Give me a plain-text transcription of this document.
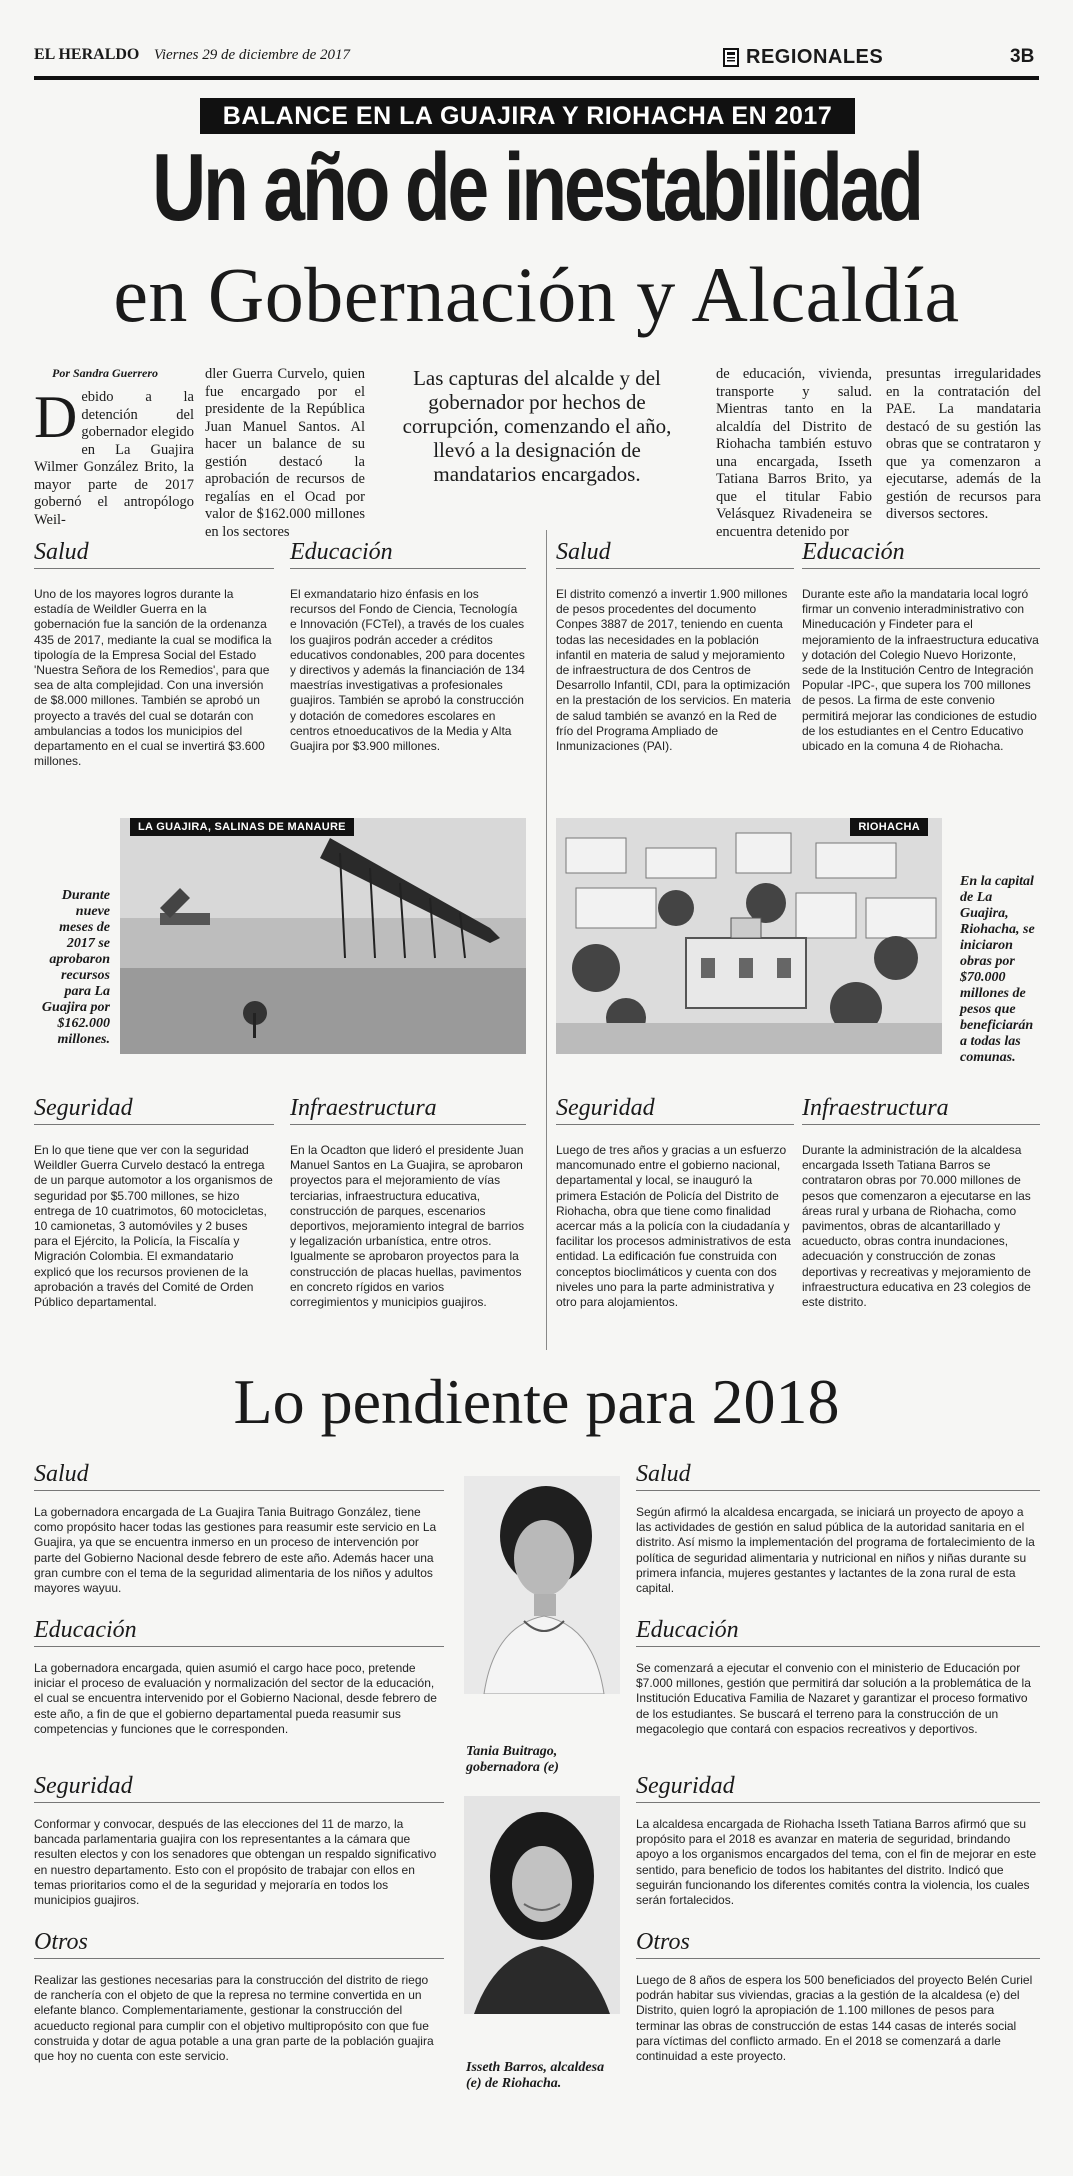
EL HERALDO Viernes 29 de diciembre de 2017	REGIONALES	3B
BALANCE EN LA GUAJIRA Y RIOHACHA EN 2017
Un año de inestabilidad
en Gobernación y Alcaldía
Por Sandra Guerrero
Debido a la detención del gobernador elegido en La Guajira Wilmer González Brito, la mayor parte de 2017 gobernó el antropólogo Weil-
dler Guerra Curvelo, quien fue encargado por el presidente de la República Juan Manuel Santos. Al hacer un balance de su gestión destacó la aprobación de recursos de regalías en el Ocad por valor de $162.000 millones en los sectores
Las capturas del alcalde y del gobernador por hechos de corrupción, comenzando el año, llevó a la designación de mandatarios encargados.
de educación, vivienda, transporte y salud. Mientras tanto en la alcaldía del Distrito de Riohacha también estuvo una encargada, Isseth Tatiana Barros Brito, ya que el titular Fabio Velásquez Rivadeneira se encuentra detenido por
presuntas irregularidades en la contratación del PAE. La mandataria destacó de su gestión las obras que se contrataron y que ya comenzaron a ejecutarse, además de la gestión de recursos para diversos sectores.
Salud
Uno de los mayores logros durante la estadía de Weildler Guerra en la gobernación fue la sanción de la ordenanza 435 de 2017, mediante la cual se modifica la tipología de la Empresa Social del Estado 'Nuestra Señora de los Remedios', para que sea de alta complejidad. Con una inversión de $8.000 millones. También se aprobó un proyecto a través del cual se dotarán con ambulancias a todos los municipios del departamento en el cual se invertirá $3.600 millones.
Educación
El exmandatario hizo énfasis en los recursos del Fondo de Ciencia, Tecnología e Innovación (FCTeI), a través de los cuales los guajiros podrán acceder a créditos educativos condonables, 200 para docentes y directivos y además la financiación de 134 maestrías investigativas a profesionales guajiros. También se aprobó la construcción y dotación de comedores escolares en centros etnoeducativos de la Media y Alta Guajira por $3.900 millones.
Salud
El distrito comenzó a invertir 1.900 millones de pesos procedentes del documento Conpes 3887 de 2017, teniendo en cuenta todas las necesidades en la población infantil en materia de salud y mejoramiento de infraestructura de dos Centros de Desarrollo Infantil, CDI, para la optimización en la prestación de los servicios. En materia de salud también se avanzó en la Red de frío del Programa Ampliado de Inmunizaciones (PAI).
Educación
Durante este año la mandataria local logró firmar un convenio interadministrativo con Mineducación y Findeter para el mejoramiento de la infraestructura educativa y dotación del Colegio Nuevo Horizonte, sede de la Institución Centro de Integración Popular -IPC-, que supera los 700 millones de pesos. La firma de este convenio permitirá mejorar las condiciones de estudio de los estudiantes en el Centro Educativo ubicado en la comuna 4 de Riohacha.
Durante nueve meses de 2017 se aprobaron recursos para La Guajira por $162.000 millones.
LA GUAJIRA, SALINAS DE MANAURE	RIOHACHA
En la capital de La Guajira, Riohacha, se iniciaron obras por $70.000 millones de pesos que beneficiarán a todas las comunas.
Seguridad
En lo que tiene que ver con la seguridad Weildler Guerra Curvelo destacó la entrega de un parque automotor a los organismos de seguridad por $5.700 millones, se hizo entrega de 10 cuatrimotos, 60 motocicletas, 10 camionetas, 3 automóviles y 2 buses para el Ejército, la Policía, la Fiscalía y Migración Colombia. El exmandatario explicó que los recursos provienen de la aprobación a través del Comité de Orden Público departamental.
Infraestructura
En la Ocadton que lideró el presidente Juan Manuel Santos en La Guajira, se aprobaron proyectos para el mejoramiento de vías terciarias, infraestructura educativa, construcción de parques, escenarios deportivos, mejoramiento integral de barrios y legalización urbanística, entre otros. Igualmente se aprobaron proyectos para la construcción de placas huellas, pavimentos en concreto rígidos en varios corregimientos y municipios guajiros.
Seguridad
Luego de tres años y gracias a un esfuerzo mancomunado entre el gobierno nacional, departamental y local, se inauguró la primera Estación de Policía del Distrito de Riohacha, obra que tiene como finalidad acercar más a la policía con la ciudadanía y facilitar los procesos administrativos de esta entidad. La edificación fue construida con conceptos bioclimáticos y cuenta con dos niveles uno para la parte administrativa y otro para alojamientos.
Infraestructura
Durante la administración de la alcaldesa encargada Isseth Tatiana Barros se contrataron obras por 70.000 millones de pesos que comenzaron a ejecutarse en las áreas rural y urbana de Riohacha, como pavimentos, obras de alcantarillado y acueducto, obras contra inundaciones, adecuación y construcción de zonas deportivas y recreativas y mejoramiento de infraestructura educativa en 23 colegios de este distrito.
Lo pendiente para 2018
Salud
La gobernadora encargada de La Guajira Tania Buitrago González, tiene como propósito hacer todas las gestiones para reasumir este servicio en La Guajira, ya que se encuentra inmerso en un proceso de intervención por parte del Gobierno Nacional desde febrero de este año. Además hacer una gran cumbre con el tema de la seguridad alimentaria de los niños y adultos mayores wayuu.
Educación
La gobernadora encargada, quien asumió el cargo hace poco, pretende iniciar el proceso de evaluación y normalización del sector de la educación, el cual se encuentra intervenido por el Gobierno Nacional, desde febrero de este año, a fin de que el gobierno departamental pueda reasumir sus competencias y funciones que le corresponden.
Seguridad
Conformar y convocar, después de las elecciones del 11 de marzo, la bancada parlamentaria guajira con los representantes a la cámara que resulten electos y con los senadores que obtengan un respaldo significativo en nuestro departamento. Esto con el propósito de trabajar con ellos en temas prioritarios como el de la seguridad y mejoraría en todos los municipios guajiros.
Otros
Realizar las gestiones necesarias para la construcción del distrito de riego de ranchería con el objeto de que la represa no termine convertida en un elefante blanco. Complementariamente, gestionar la construcción del acueducto regional para cumplir con el objetivo multipropósito con que fue construida y dotar de agua potable a una gran parte de la población guajira que hoy no cuenta con este servicio.
Tania Buitrago, gobernadora (e)
Isseth Barros, alcaldesa (e) de Riohacha.
Salud
Según afirmó la alcaldesa encargada, se iniciará un proyecto de apoyo a las actividades de gestión en salud pública de la autoridad sanitaria en el distrito. Así mismo la implementación del programa de fortalecimiento de la política de seguridad alimentaria y nutricional en niños y niñas durante su primera infancia, mujeres gestantes y lactantes de la zona rural de esta capital.
Educación
Se comenzará a ejecutar el convenio con el ministerio de Educación por $7.000 millones, gestión que permitirá dar solución a la problemática de la Institución Educativa Familia de Nazaret y garantizar el proceso formativo de los estudiantes. Se buscará el terreno para la construcción de un megacolegio que contará con espacios recreativos y deportivos.
Seguridad
La alcaldesa encargada de Riohacha Isseth Tatiana Barros afirmó que su propósito para el 2018 es avanzar en materia de seguridad, brindando apoyo a los organismos encargados del tema, con el fin de mejorar en este sentido, para beneficio de todos los habitantes del distrito. Indicó que seguirán funcionando los diferentes comités contra la violencia, los cuales serán fortalecidos.
Otros
Luego de 8 años de espera los 500 beneficiados del proyecto Belén Curiel podrán habitar sus viviendas, gracias a la gestión de la alcaldesa (e) del Distrito, quien logró la apropiación de 1.100 millones de pesos para terminar las obras de construcción de estas 144 casas de interés social para víctimas del conflicto armado. En el 2018 se comenzará a darle continuidad a este proyecto.
